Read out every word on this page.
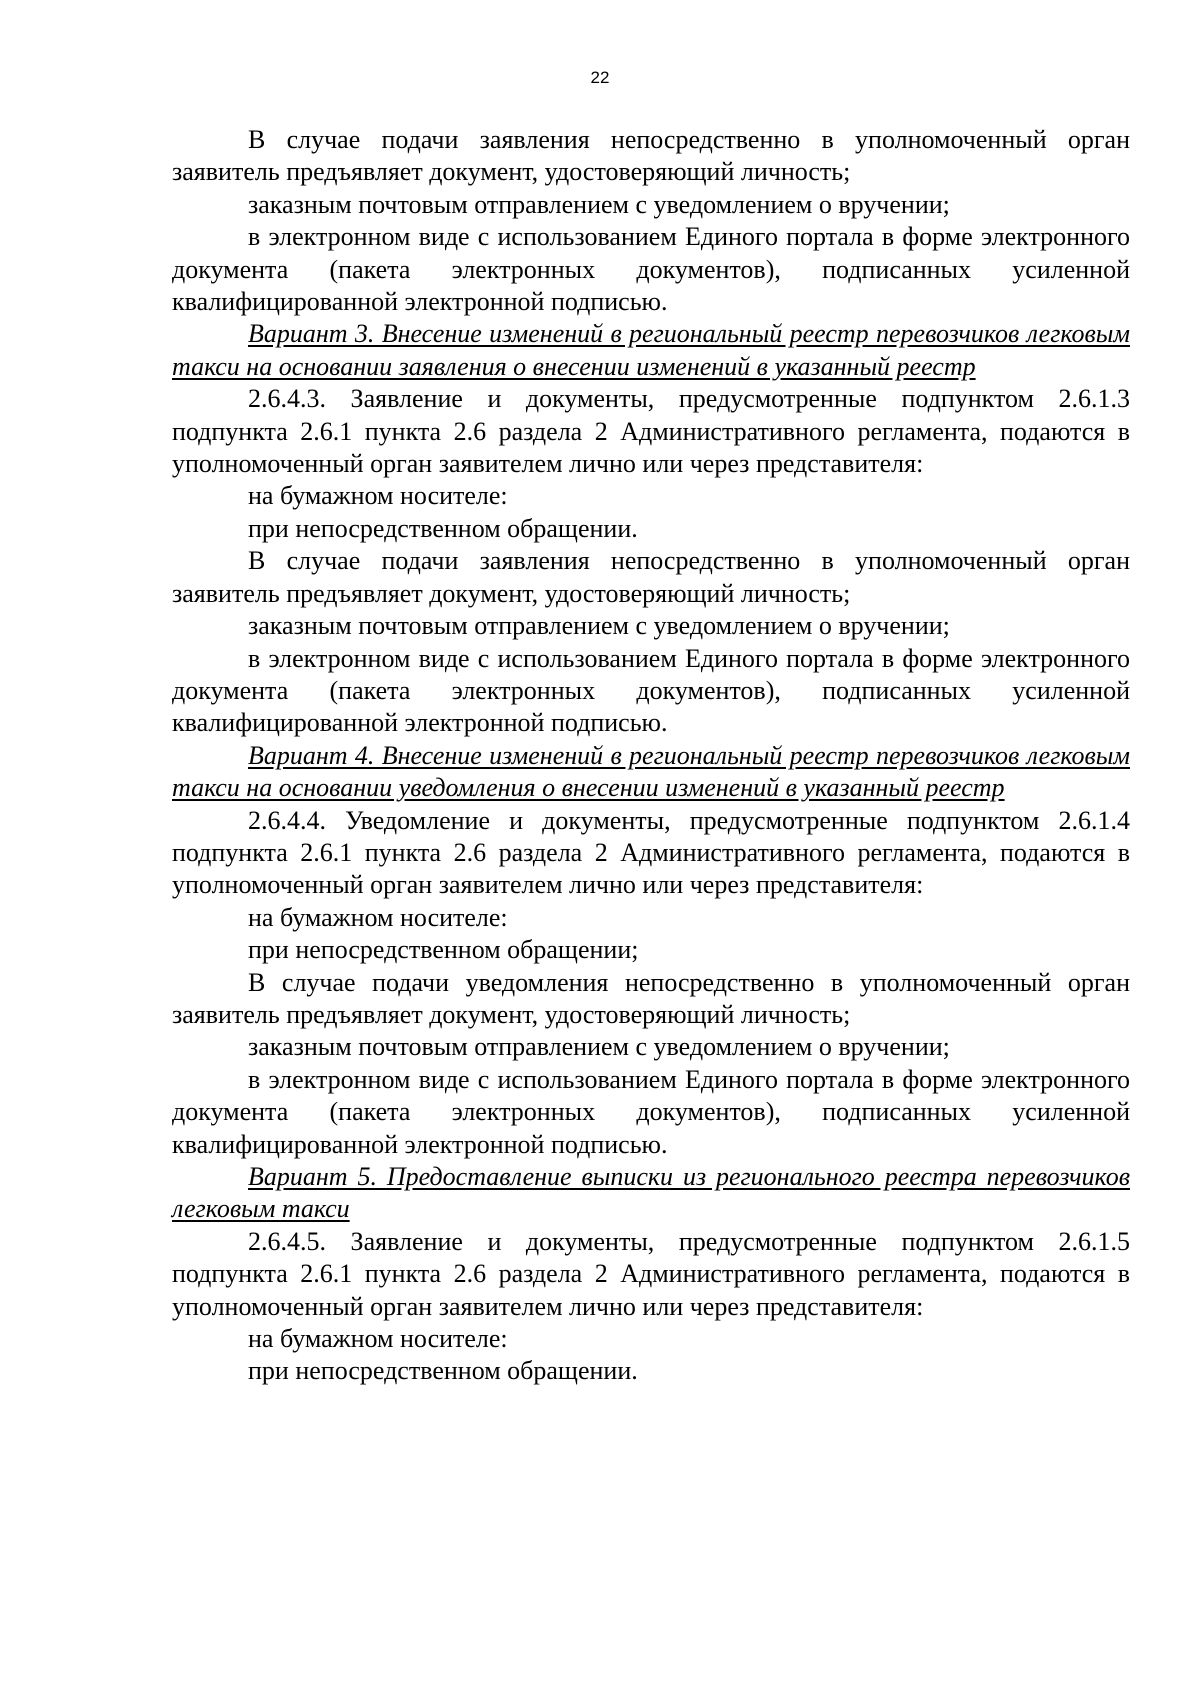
22

В случае подачи заявления непосредственно в уполномоченный орган заявитель предъявляет документ, удостоверяющий личность;

заказным почтовым отправлением с уведомлением о вручении;

в электронном виде с использованием Единого портала в форме электронного документа (пакета электронных документов), подписанных усиленной квалифицированной электронной подписью.

Вариант 3. Внесение изменений в региональный реестр перевозчиков легковым такси на основании заявления о внесении изменений в указанный реестр

2.6.4.3. Заявление и документы, предусмотренные подпунктом 2.6.1.3 подпункта 2.6.1 пункта 2.6 раздела 2 Административного регламента, подаются в уполномоченный орган заявителем лично или через представителя:

на бумажном носителе:

при непосредственном обращении.

В случае подачи заявления непосредственно в уполномоченный орган заявитель предъявляет документ, удостоверяющий личность;

заказным почтовым отправлением с уведомлением о вручении;

в электронном виде с использованием Единого портала в форме электронного документа (пакета электронных документов), подписанных усиленной квалифицированной электронной подписью.

Вариант 4. Внесение изменений в региональный реестр перевозчиков легковым такси на основании уведомления о внесении изменений в указанный реестр

2.6.4.4. Уведомление и документы, предусмотренные подпунктом 2.6.1.4 подпункта 2.6.1 пункта 2.6 раздела 2 Административного регламента, подаются в уполномоченный орган заявителем лично или через представителя:

на бумажном носителе:

при непосредственном обращении;

В случае подачи уведомления непосредственно в уполномоченный орган заявитель предъявляет документ, удостоверяющий личность;

заказным почтовым отправлением с уведомлением о вручении;

в электронном виде с использованием Единого портала в форме электронного документа (пакета электронных документов), подписанных усиленной квалифицированной электронной подписью.

Вариант 5. Предоставление выписки из регионального реестра перевозчиков легковым такси

2.6.4.5. Заявление и документы, предусмотренные подпунктом 2.6.1.5 подпункта 2.6.1 пункта 2.6 раздела 2 Административного регламента, подаются в уполномоченный орган заявителем лично или через представителя:

на бумажном носителе:

при непосредственном обращении.
